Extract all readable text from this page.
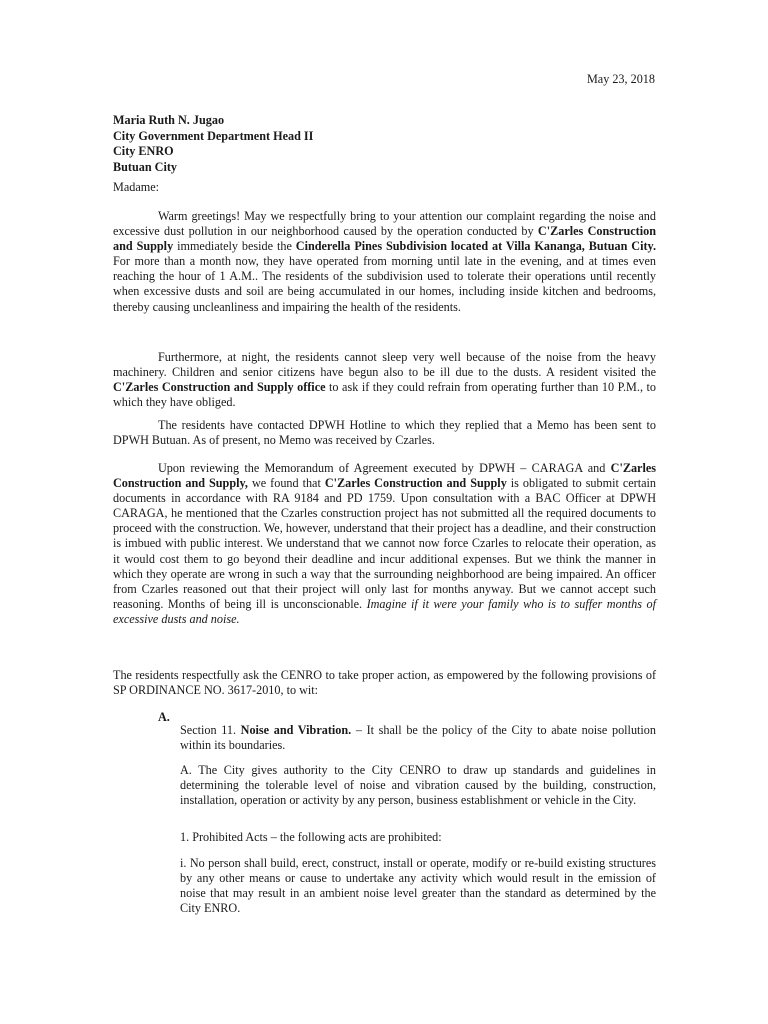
May 23, 2018

Maria Ruth N. Jugao
City Government Department Head II
City ENRO
Butuan City

Madame:

Warm greetings! May we respectfully bring to your attention our complaint regarding the noise and excessive dust pollution in our neighborhood caused by the operation conducted by C'Zarles Construction and Supply immediately beside the Cinderella Pines Subdivision located at Villa Kananga, Butuan City. For more than a month now, they have operated from morning until late in the evening, and at times even reaching the hour of 1 A.M.. The residents of the subdivision used to tolerate their operations until recently when excessive dusts and soil are being accumulated in our homes, including inside kitchen and bedrooms, thereby causing uncleanliness and impairing the health of the residents.

Furthermore, at night, the residents cannot sleep very well because of the noise from the heavy machinery. Children and senior citizens have begun also to be ill due to the dusts. A resident visited the C'Zarles Construction and Supply office to ask if they could refrain from operating further than 10 P.M., to which they have obliged.

The residents have contacted DPWH Hotline to which they replied that a Memo has been sent to DPWH Butuan. As of present, no Memo was received by Czarles.

Upon reviewing the Memorandum of Agreement executed by DPWH – CARAGA and C'Zarles Construction and Supply, we found that C'Zarles Construction and Supply is obligated to submit certain documents in accordance with RA 9184 and PD 1759. Upon consultation with a BAC Officer at DPWH CARAGA, he mentioned that the Czarles construction project has not submitted all the required documents to proceed with the construction. We, however, understand that their project has a deadline, and their construction is imbued with public interest. We understand that we cannot now force Czarles to relocate their operation, as it would cost them to go beyond their deadline and incur additional expenses. But we think the manner in which they operate are wrong in such a way that the surrounding neighborhood are being impaired. An officer from Czarles reasoned out that their project will only last for months anyway. But we cannot accept such reasoning. Months of being ill is unconscionable. Imagine if it were your family who is to suffer months of excessive dusts and noise.

The residents respectfully ask the CENRO to take proper action, as empowered by the following provisions of SP ORDINANCE NO. 3617-2010, to wit:

A.

Section 11. Noise and Vibration. – It shall be the policy of the City to abate noise pollution within its boundaries.

A. The City gives authority to the City CENRO to draw up standards and guidelines in determining the tolerable level of noise and vibration caused by the building, construction, installation, operation or activity by any person, business establishment or vehicle in the City.

1. Prohibited Acts – the following acts are prohibited:

i. No person shall build, erect, construct, install or operate, modify or re-build existing structures by any other means or cause to undertake any activity which would result in the emission of noise that may result in an ambient noise level greater than the standard as determined by the City ENRO.
